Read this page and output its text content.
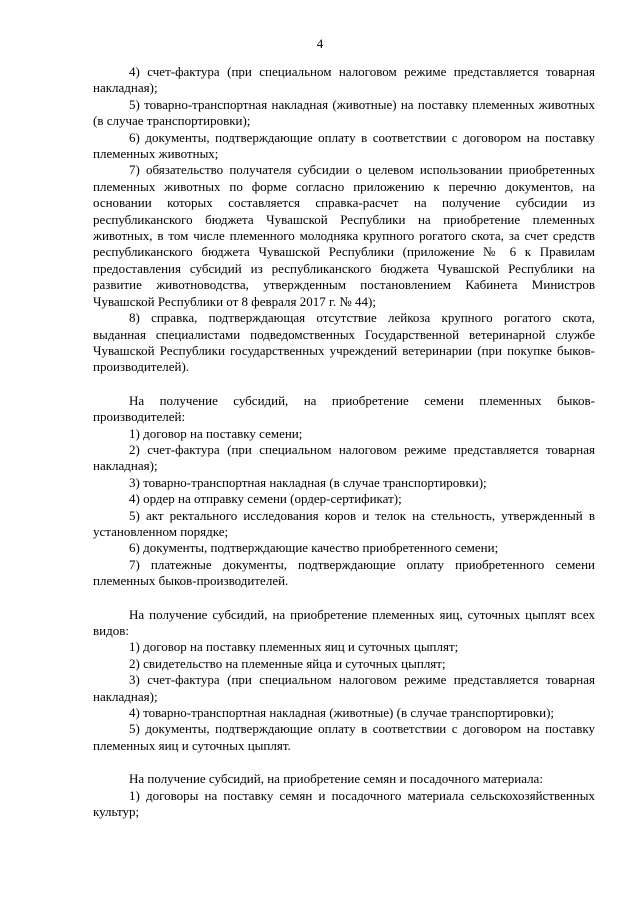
4

4) счет-фактура (при специальном налоговом режиме представляется товарная накладная);

5) товарно-транспортная накладная (животные) на поставку племенных животных (в случае транспортировки);

6) документы, подтверждающие оплату в соответствии с договором на поставку племенных животных;

7) обязательство получателя субсидии о целевом использовании приобретенных племенных животных по форме согласно приложению к перечню документов, на основании которых составляется справка-расчет на получение субсидии из республиканского бюджета Чувашской Республики на приобретение племенных животных, в том числе племенного молодняка крупного рогатого скота, за счет средств республиканского бюджета Чувашской Республики (приложение № 6 к Правилам предоставления субсидий из республиканского бюджета Чувашской Республики на развитие животноводства, утвержденным постановлением Кабинета Министров Чувашской Республики от 8 февраля 2017 г. № 44);

8) справка, подтверждающая отсутствие лейкоза крупного рогатого скота, выданная специалистами подведомственных Государственной ветеринарной службе Чувашской Республики государственных учреждений ветеринарии (при покупке быков-производителей).

На получение субсидий, на приобретение семени племенных быков-производителей:

1) договор на поставку семени;

2) счет-фактура (при специальном налоговом режиме представляется товарная накладная);

3) товарно-транспортная накладная (в случае транспортировки);

4) ордер на отправку семени (ордер-сертификат);

5) акт ректального исследования коров и телок на стельность, утвержденный в установленном порядке;

6) документы, подтверждающие качество приобретенного семени;

7) платежные документы, подтверждающие оплату приобретенного семени племенных быков-производителей.

На получение субсидий, на приобретение племенных яиц, суточных цыплят всех видов:

1) договор на поставку племенных яиц и суточных цыплят;

2) свидетельство на племенные яйца и суточных цыплят;

3) счет-фактура (при специальном налоговом режиме представляется товарная накладная);

4) товарно-транспортная накладная (животные) (в случае транспортировки);

5) документы, подтверждающие оплату в соответствии с договором на поставку племенных яиц и суточных цыплят.

На получение субсидий, на приобретение семян и посадочного материала:

1) договоры на поставку семян и посадочного материала сельскохозяйственных культур;
